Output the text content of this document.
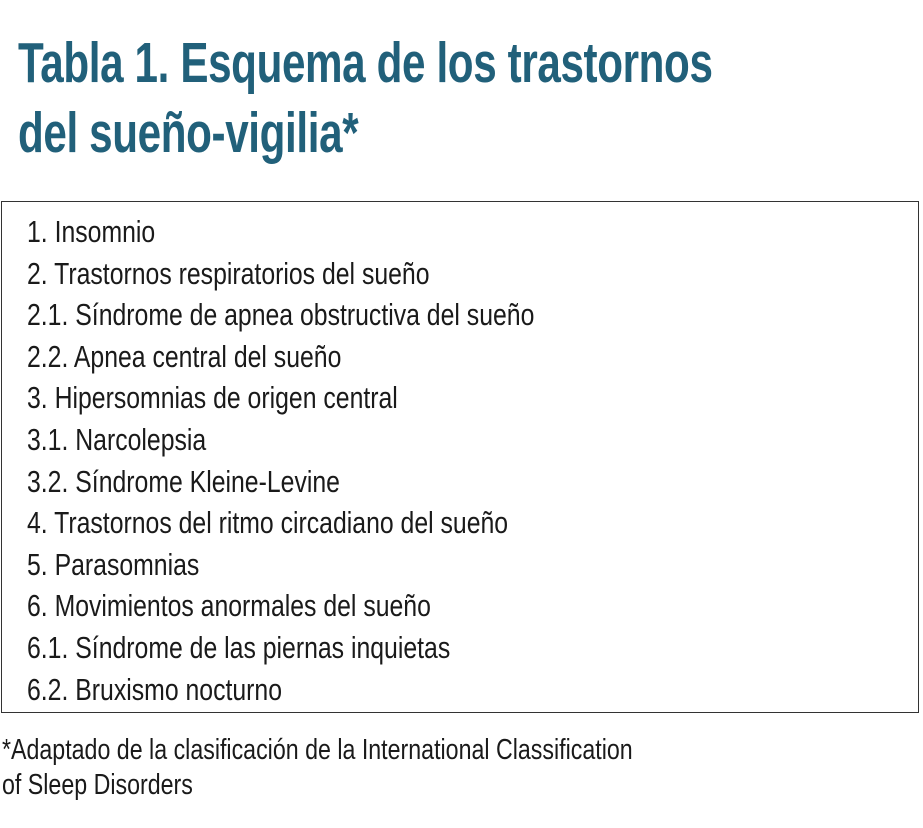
Tabla 1. Esquema de los trastornos
del sueño-vigilia*
1. Insomnio
2. Trastornos respiratorios del sueño
2.1. Síndrome de apnea obstructiva del sueño
2.2. Apnea central del sueño
3. Hipersomnias de origen central
3.1. Narcolepsia
3.2. Síndrome Kleine-Levine
4. Trastornos del ritmo circadiano del sueño
5. Parasomnias
6. Movimientos anormales del sueño
6.1. Síndrome de las piernas inquietas
6.2. Bruxismo nocturno

*Adaptado de la clasificación de la International Classification
of Sleep Disorders
